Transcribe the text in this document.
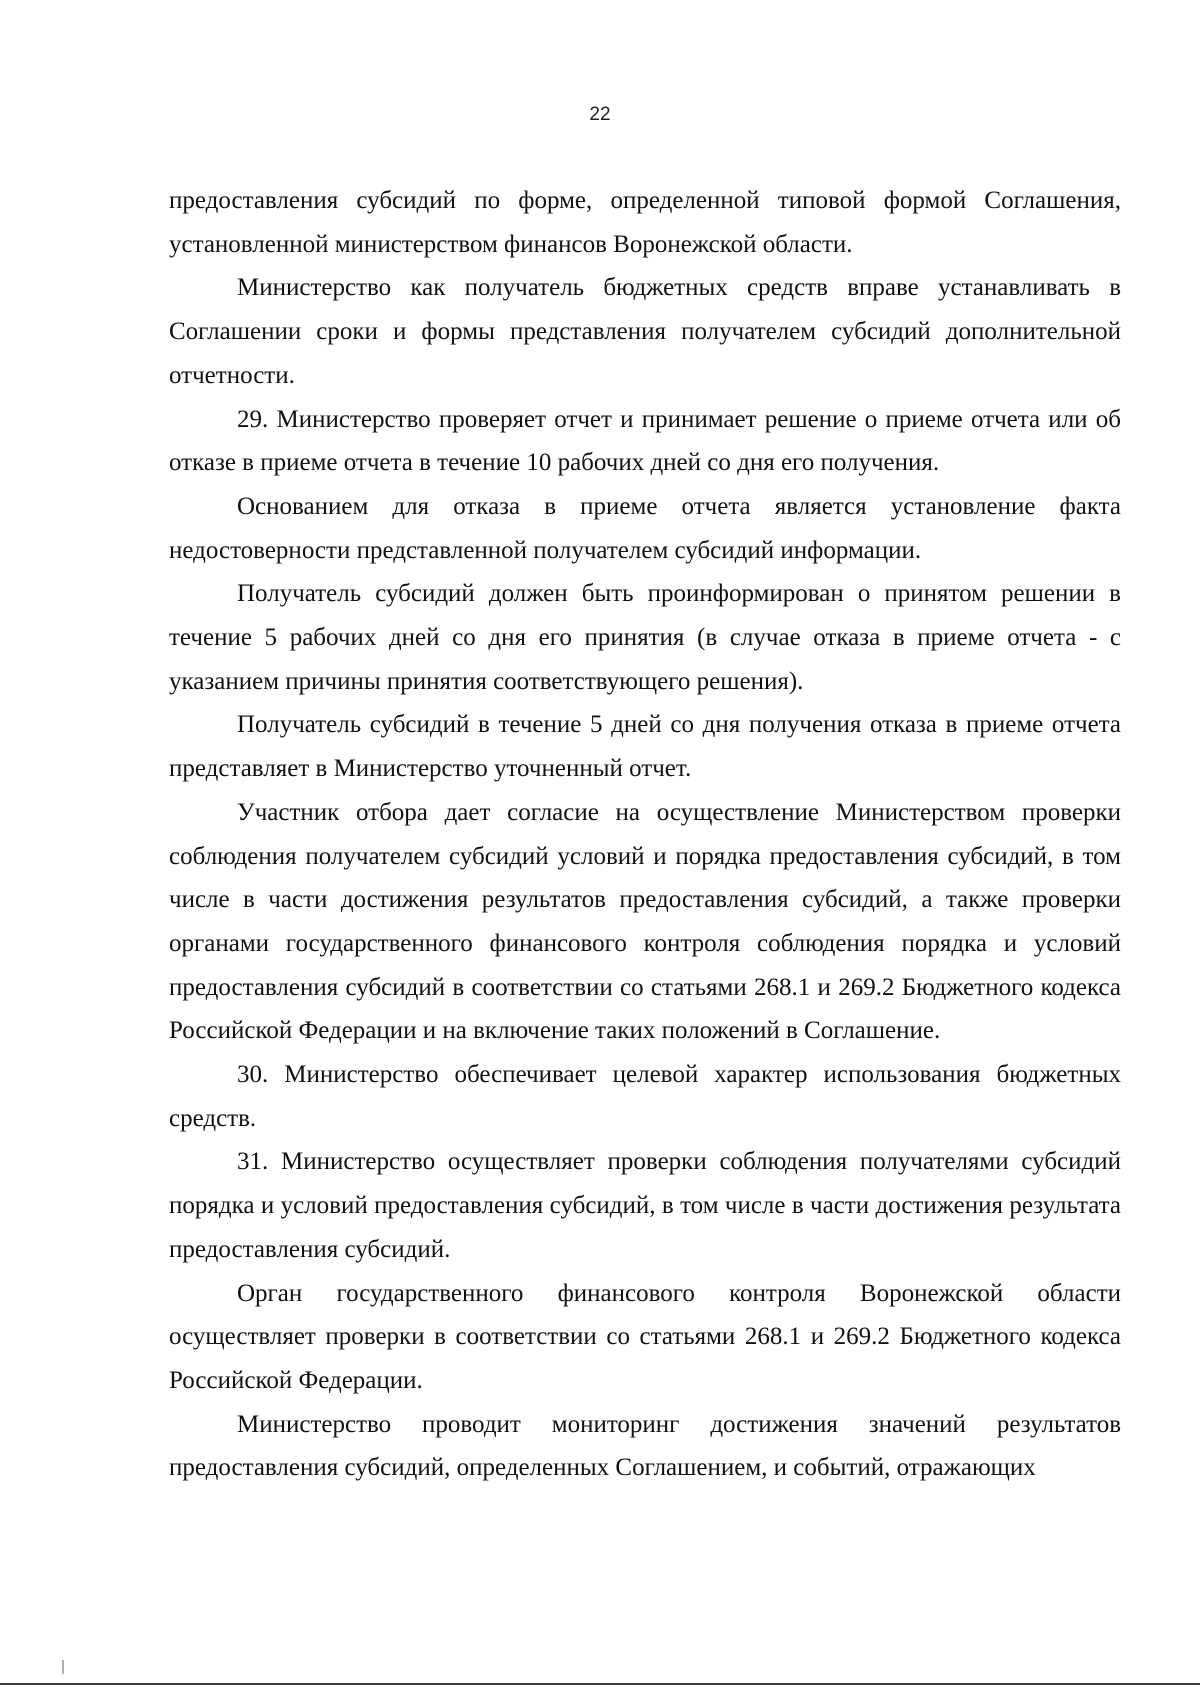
22

предоставления субсидий по форме, определенной типовой формой Соглашения, установленной министерством финансов Воронежской области.

Министерство как получатель бюджетных средств вправе устанавливать в Соглашении сроки и формы представления получателем субсидий дополнительной отчетности.

29. Министерство проверяет отчет и принимает решение о приеме отчета или об отказе в приеме отчета в течение 10 рабочих дней со дня его получения.

Основанием для отказа в приеме отчета является установление факта недостоверности представленной получателем субсидий информации.

Получатель субсидий должен быть проинформирован о принятом решении в течение 5 рабочих дней со дня его принятия (в случае отказа в приеме отчета - с указанием причины принятия соответствующего решения).

Получатель субсидий в течение 5 дней со дня получения отказа в приеме отчета представляет в Министерство уточненный отчет.

Участник отбора дает согласие на осуществление Министерством проверки соблюдения получателем субсидий условий и порядка предоставления субсидий, в том числе в части достижения результатов предоставления субсидий, а также проверки органами государственного финансового контроля соблюдения порядка и условий предоставления субсидий в соответствии со статьями 268.1 и 269.2 Бюджетного кодекса Российской Федерации и на включение таких положений в Соглашение.

30. Министерство обеспечивает целевой характер использования бюджетных средств.

31. Министерство осуществляет проверки соблюдения получателями субсидий порядка и условий предоставления субсидий, в том числе в части достижения результата предоставления субсидий.

Орган государственного финансового контроля Воронежской области осуществляет проверки в соответствии со статьями 268.1 и 269.2 Бюджетного кодекса Российской Федерации.

Министерство проводит мониторинг достижения значений результатов предоставления субсидий, определенных Соглашением, и событий, отражающих
